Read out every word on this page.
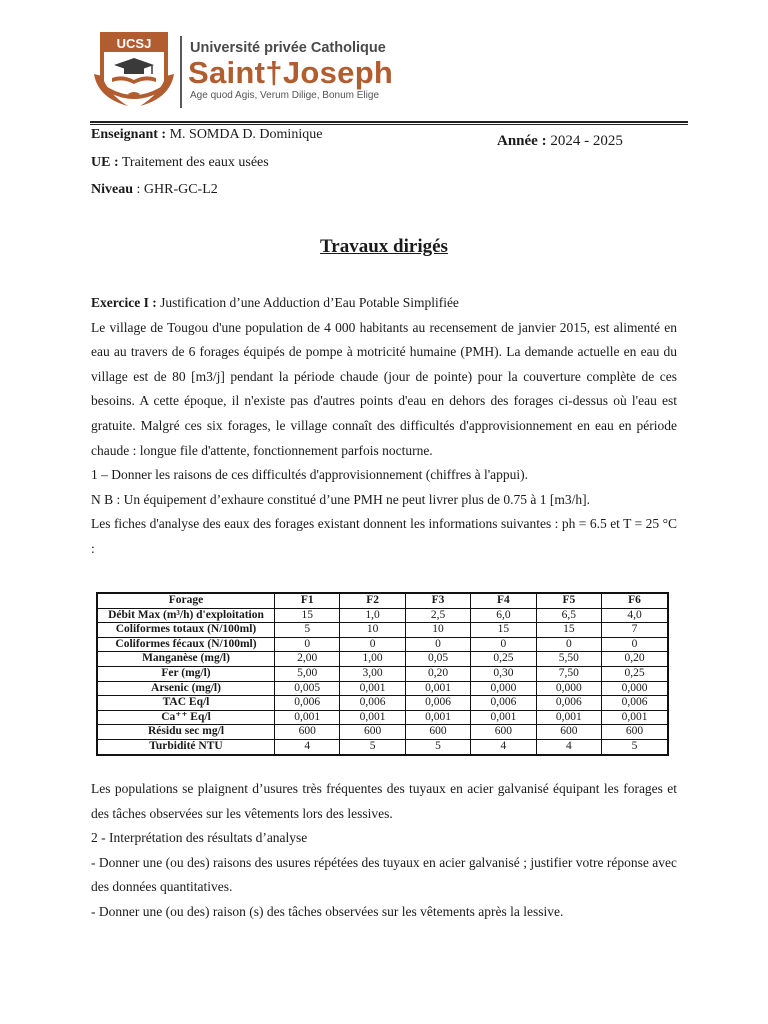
UCSJ	Université privée Catholique
Saint†Joseph
Age quod Agis, Verum Dilige, Bonum Elige
Enseignant : M. SOMDA D. Dominique
UE : Traitement des eaux usées
Niveau : GHR-GC-L2
Année : 2024 - 2025
Travaux dirigés

Exercice I : Justification d’une Adduction d’Eau Potable Simplifiée

Le village de Tougou d'une population de 4 000 habitants au recensement de janvier 2015, est alimenté en eau au travers de 6 forages équipés de pompe à motricité humaine (PMH). La demande actuelle en eau du village est de 80 [m3/j] pendant la période chaude (jour de pointe) pour la couverture complète de ces besoins. A cette époque, il n'existe pas d'autres points d'eau en dehors des forages ci-dessus où l'eau est gratuite. Malgré ces six forages, le village connaît des difficultés d'approvisionnement en eau en période chaude : longue file d'attente, fonctionnement parfois nocturne.

1 – Donner les raisons de ces difficultés d'approvisionnement (chiffres à l'appui).

N B : Un équipement d’exhaure constitué d’une PMH ne peut livrer plus de 0.75 à 1 [m3/h].

Les fiches d'analyse des eaux des forages existant donnent les informations suivantes : ph = 6.5 et T = 25 °C :

Forage	F1	F2	F3	F4	F5	F6
Débit Max (m³/h) d'exploitation	15	1,0	2,5	6,0	6,5	4,0
Coliformes totaux (N/100ml)	5	10	10	15	15	7
Coliformes fécaux (N/100ml)	0	0	0	0	0	0
Manganèse (mg/l)	2,00	1,00	0,05	0,25	5,50	0,20
Fer (mg/l)	5,00	3,00	0,20	0,30	7,50	0,25
Arsenic (mg/l)	0,005	0,001	0,001	0,000	0,000	0,000
TAC Eq/l	0,006	0,006	0,006	0,006	0,006	0,006
Ca⁺⁺ Eq/l	0,001	0,001	0,001	0,001	0,001	0,001
Résidu sec mg/l	600	600	600	600	600	600
Turbidité NTU	4	5	5	4	4	5

Les populations se plaignent d’usures très fréquentes des tuyaux en acier galvanisé équipant les forages et des tâches observées sur les vêtements lors des lessives.

2 - Interprétation des résultats d’analyse

- Donner une (ou des) raisons des usures répétées des tuyaux en acier galvanisé ; justifier votre réponse avec des données quantitatives.

- Donner une (ou des) raison (s) des tâches observées sur les vêtements après la lessive.
